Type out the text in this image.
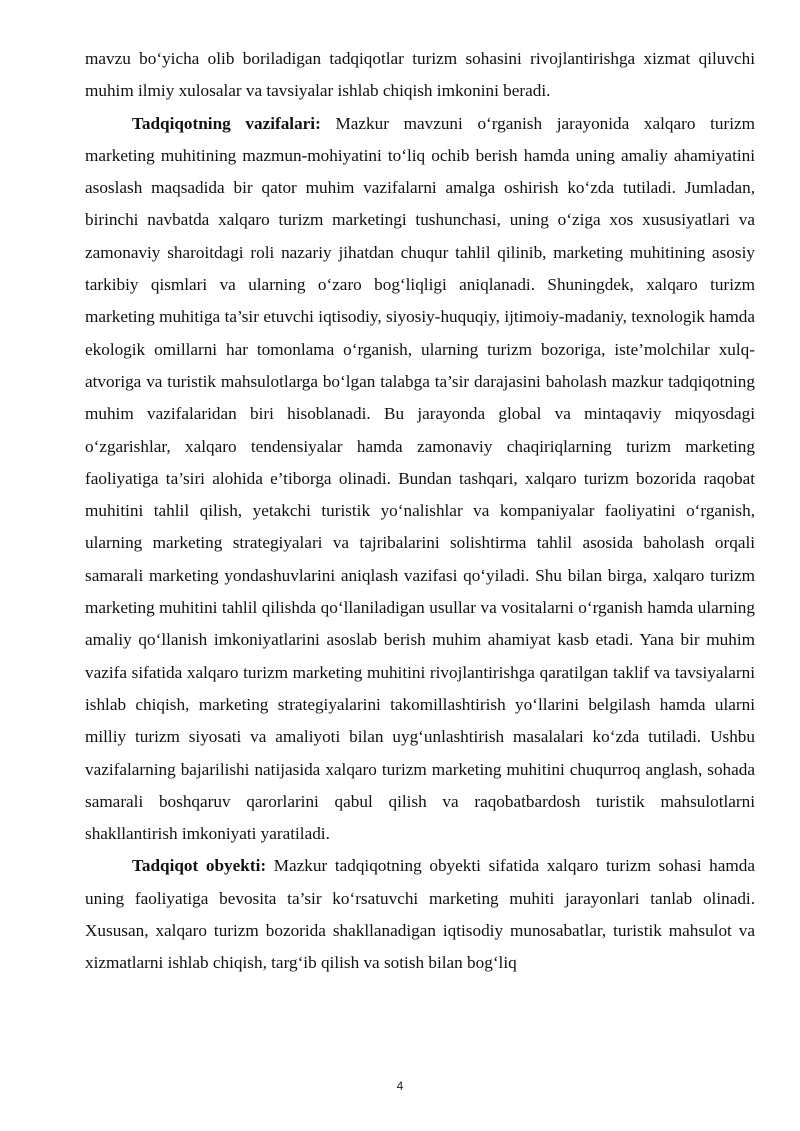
mavzu bo‘yicha olib boriladigan tadqiqotlar turizm sohasini rivojlantirishga xizmat qiluvchi muhim ilmiy xulosalar va tavsiyalar ishlab chiqish imkonini beradi.

Tadqiqotning vazifalari: Mazkur mavzuni o‘rganish jarayonida xalqaro turizm marketing muhitining mazmun-mohiyatini to‘liq ochib berish hamda uning amaliy ahamiyatini asoslash maqsadida bir qator muhim vazifalarni amalga oshirish ko‘zda tutiladi. Jumladan, birinchi navbatda xalqaro turizm marketingi tushunchasi, uning o‘ziga xos xususiyatlari va zamonaviy sharoitdagi roli nazariy jihatdan chuqur tahlil qilinib, marketing muhitining asosiy tarkibiy qismlari va ularning o‘zaro bog‘liqligi aniqlanadi. Shuningdek, xalqaro turizm marketing muhitiga ta’sir etuvchi iqtisodiy, siyosiy-huquqiy, ijtimoiy-madaniy, texnologik hamda ekologik omillarni har tomonlama o‘rganish, ularning turizm bozoriga, iste’molchilar xulq-atvoriga va turistik mahsulotlarga bo‘lgan talabga ta’sir darajasini baholash mazkur tadqiqotning muhim vazifalaridan biri hisoblanadi. Bu jarayonda global va mintaqaviy miqyosdagi o‘zgarishlar, xalqaro tendensiyalar hamda zamonaviy chaqiriqlarning turizm marketing faoliyatiga ta’siri alohida e’tiborga olinadi. Bundan tashqari, xalqaro turizm bozorida raqobat muhitini tahlil qilish, yetakchi turistik yo‘nalishlar va kompaniyalar faoliyatini o‘rganish, ularning marketing strategiyalari va tajribalarini solishtirma tahlil asosida baholash orqali samarali marketing yondashuvlarini aniqlash vazifasi qo‘yiladi. Shu bilan birga, xalqaro turizm marketing muhitini tahlil qilishda qo‘llaniladigan usullar va vositalarni o‘rganish hamda ularning amaliy qo‘llanish imkoniyatlarini asoslab berish muhim ahamiyat kasb etadi. Yana bir muhim vazifa sifatida xalqaro turizm marketing muhitini rivojlantirishga qaratilgan taklif va tavsiyalarni ishlab chiqish, marketing strategiyalarini takomillashtirish yo‘llarini belgilash hamda ularni milliy turizm siyosati va amaliyoti bilan uyg‘unlashtirish masalalari ko‘zda tutiladi. Ushbu vazifalarning bajarilishi natijasida xalqaro turizm marketing muhitini chuqurroq anglash, sohada samarali boshqaruv qarorlarini qabul qilish va raqobatbardosh turistik mahsulotlarni shakllantirish imkoniyati yaratiladi.

Tadqiqot obyekti: Mazkur tadqiqotning obyekti sifatida xalqaro turizm sohasi hamda uning faoliyatiga bevosita ta’sir ko‘rsatuvchi marketing muhiti jarayonlari tanlab olinadi. Xususan, xalqaro turizm bozorida shakllanadigan iqtisodiy munosabatlar, turistik mahsulot va xizmatlarni ishlab chiqish, targ‘ib qilish va sotish bilan bog‘liq

4
